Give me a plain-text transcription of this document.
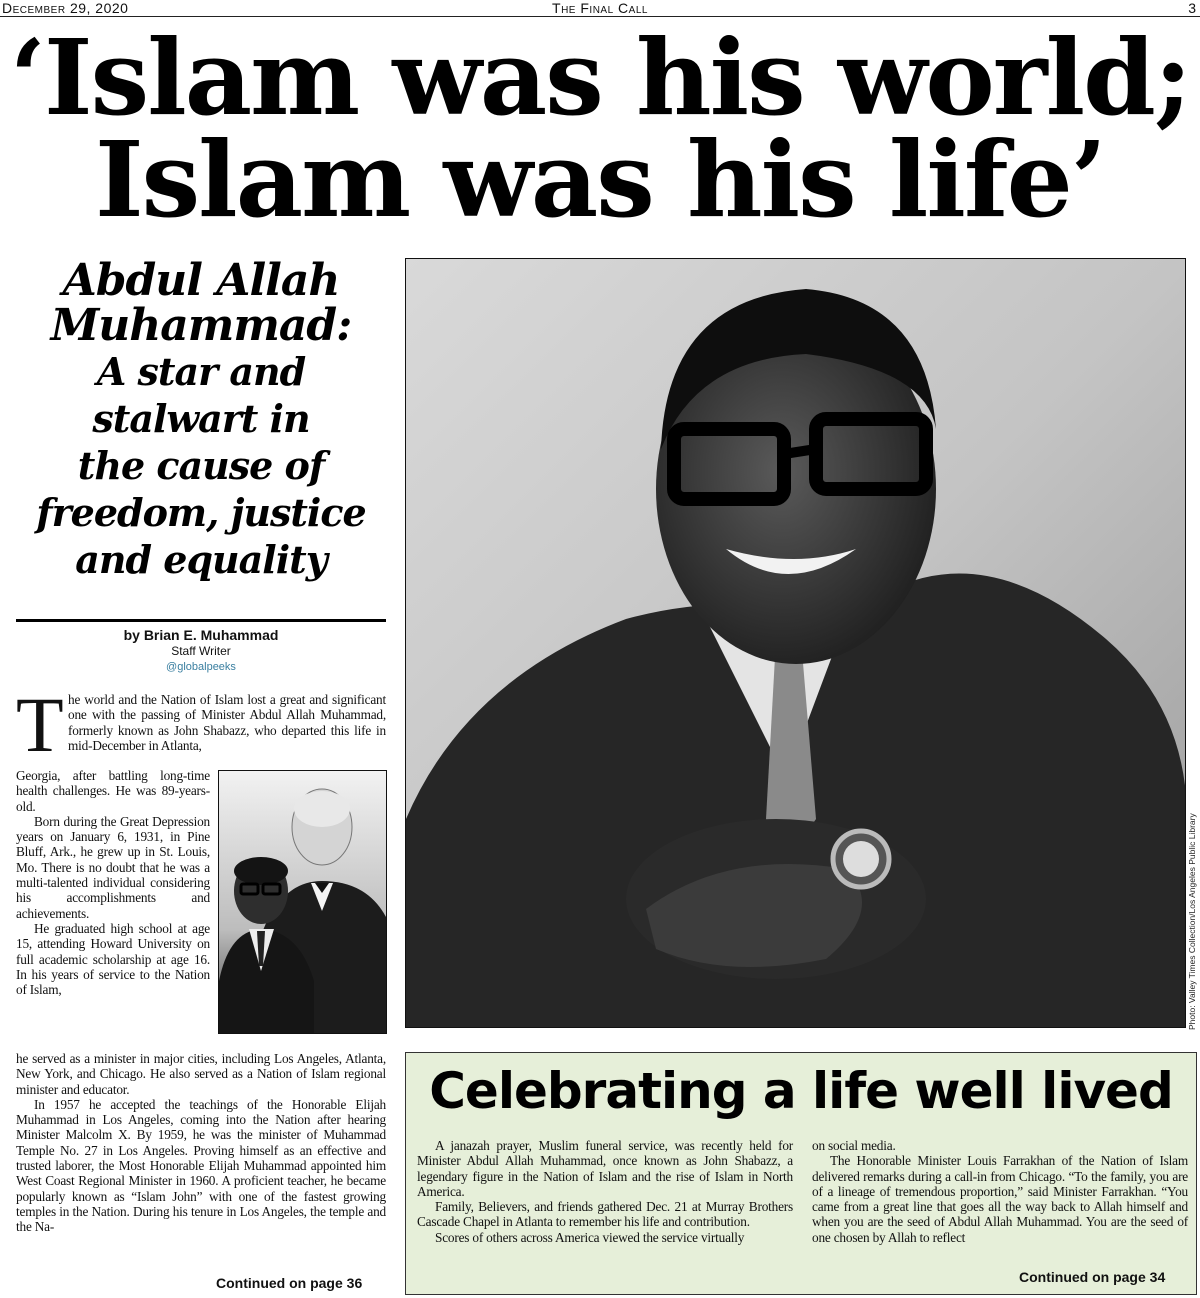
December 29, 2020	The Final Call	3
‘Islam was his world;
Islam was his life’
Abdul Allah
Muhammad:
A star and
stalwart in
the cause of
freedom, justice
and equality
by Brian E. Muhammad
Staff Writer
@globalpeeks
T he world and the Nation of Islam lost a great and significant one with the passing of Minister Abdul Allah Muhammad, formerly known as John Shabazz, who departed this life in mid-December in Atlanta,

Georgia, after battling long-time health challenges. He was 89-years-old.

Born during the Great Depression years on January 6, 1931, in Pine Bluff, Ark., he grew up in St. Louis, Mo. There is no doubt that he was a multi-talented individual considering his accomplishments and achievements.

He graduated high school at age 15, attending Howard University on full academic scholarship at age 16. In his years of service to the Nation of Islam,

he served as a minister in major cities, including Los Angeles, Atlanta, New York, and Chicago. He also served as a Nation of Islam regional minister and educator.

In 1957 he accepted the teachings of the Honorable Elijah Muhammad in Los Angeles, coming into the Nation after hearing Minister Malcolm X. By 1959, he was the minister of Muhammad Temple No. 27 in Los Angeles. Proving himself as an effective and trusted laborer, the Most Honorable Elijah Muhammad appointed him West Coast Regional Minister in 1960. A proficient teacher, he became popularly known as “Islam John” with one of the fastest growing temples in the Nation. During his tenure in Los Angeles, the temple and the Na-

Continued on page 36
Photo: Valley Times Collection/Los Angeles Public Library
Celebrating a life well lived

A janazah prayer, Muslim funeral service, was recently held for Minister Abdul Allah Muhammad, once known as John Shabazz, a legendary figure in the Nation of Islam and the rise of Islam in North America.

Family, Believers, and friends gathered Dec. 21 at Murray Brothers Cascade Chapel in Atlanta to remember his life and contribution.

Scores of others across America viewed the service virtually

on social media.

The Honorable Minister Louis Farrakhan of the Nation of Islam delivered remarks during a call-in from Chicago. “To the family, you are of a lineage of tremendous proportion,” said Minister Farrakhan. “You came from a great line that goes all the way back to Allah himself and when you are the seed of Abdul Allah Muhammad. You are the seed of one chosen by Allah to reflect

Continued on page 34
